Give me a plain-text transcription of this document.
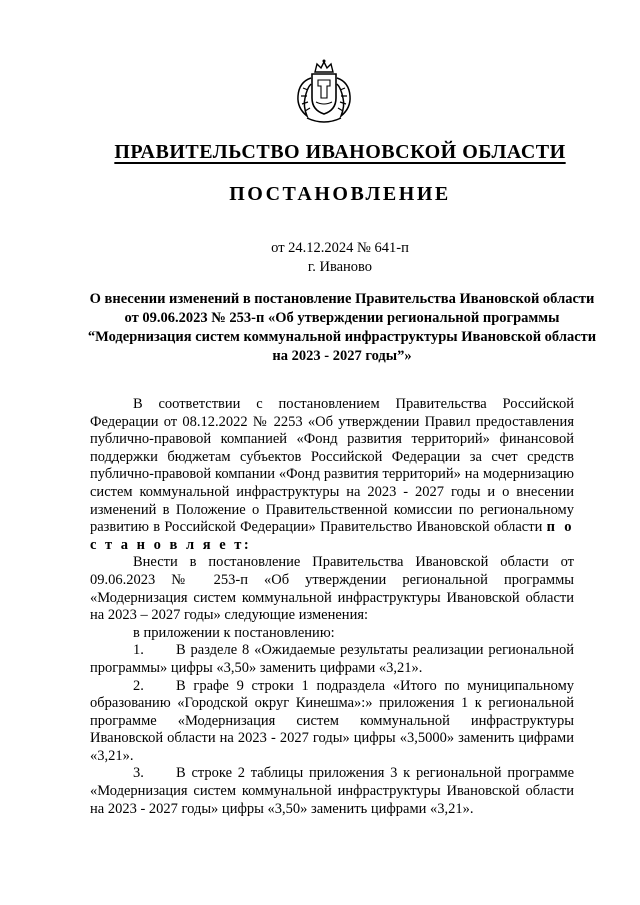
ПРАВИТЕЛЬСТВО ИВАНОВСКОЙ ОБЛАСТИ
ПОСТАНОВЛЕНИЕ
от 24.12.2024 № 641-п
г. Иваново
О внесении изменений в постановление Правительства Ивановской области от 09.06.2023 № 253-п «Об утверждении региональной программы “Модернизация систем коммунальной инфраструктуры Ивановской области на 2023 - 2027 годы”»

В соответствии с постановлением Правительства Российской Федерации от 08.12.2022 № 2253 «Об утверждении Правил предоставления публично-правовой компанией «Фонд развития территорий» финансовой поддержки бюджетам субъектов Российской Федерации за счет средств публично-правовой компании «Фонд развития территорий» на модернизацию систем коммунальной инфраструктуры на 2023 - 2027 годы и о внесении изменений в Положение о Правительственной комиссии по региональному развитию в Российской Федерации» Правительство Ивановской области п о с т а н о в л я е т:

Внести в постановление Правительства Ивановской области от 09.06.2023 № 253-п «Об утверждении региональной программы «Модернизация систем коммунальной инфраструктуры Ивановской области на 2023 – 2027 годы» следующие изменения:

в приложении к постановлению:

1. В разделе 8 «Ожидаемые результаты реализации региональной программы» цифры «3,50» заменить цифрами «3,21».

2. В графе 9 строки 1 подраздела «Итого по муниципальному образованию «Городской округ Кинешма»:» приложения 1 к региональной программе «Модернизация систем коммунальной инфраструктуры Ивановской области на 2023 - 2027 годы» цифры «3,5000» заменить цифрами «3,21».

3. В строке 2 таблицы приложения 3 к региональной программе «Модернизация систем коммунальной инфраструктуры Ивановской области на 2023 - 2027 годы» цифры «3,50» заменить цифрами «3,21».
